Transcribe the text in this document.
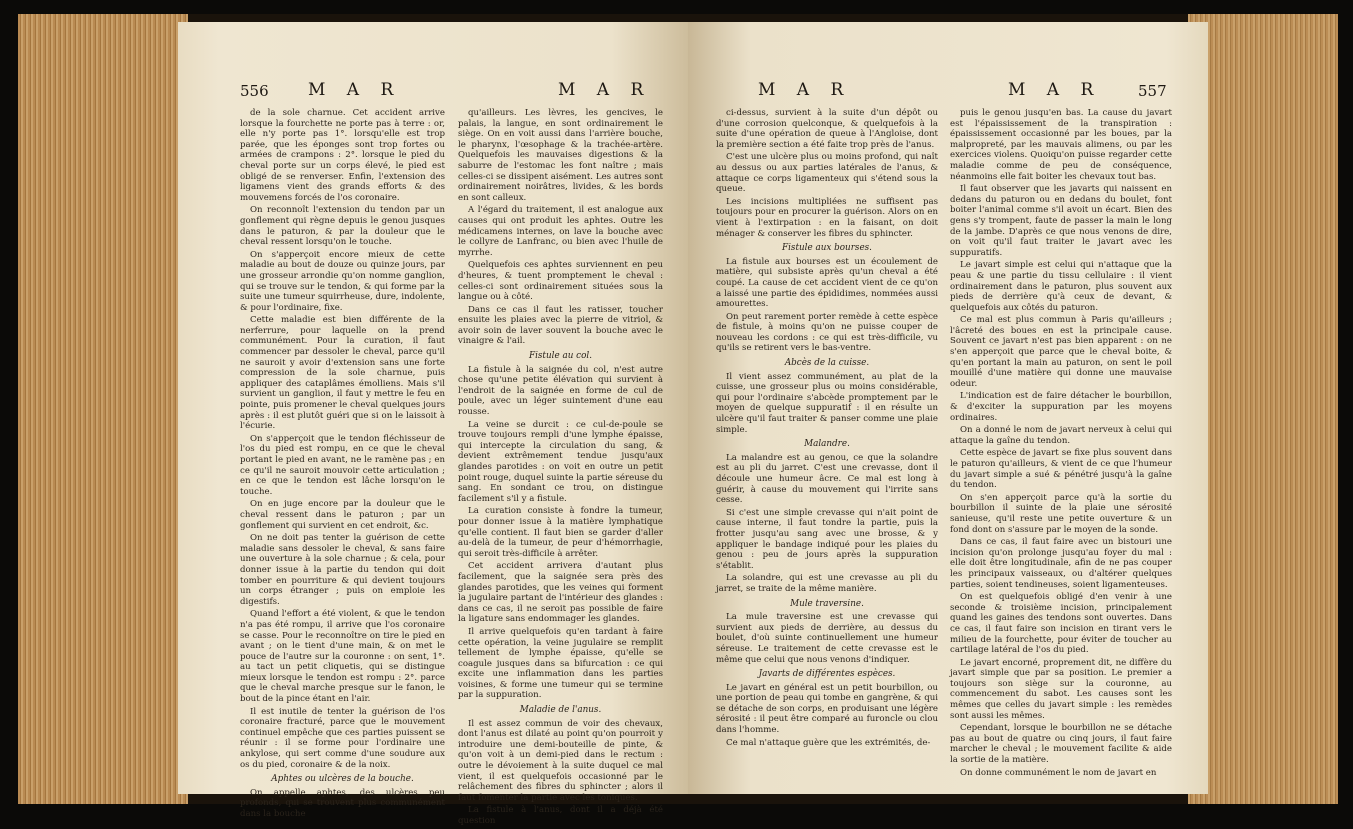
556 M A R	M A R

de la sole charnue. Cet accident arrive lorsque la fourchette ne porte pas à terre : or, elle n'y porte pas 1°. lorsqu'elle est trop parée, que les éponges sont trop fortes ou armées de crampons : 2°. lorsque le pied du cheval porte sur un corps élevé, le pied est obligé de se renverser. Enfin, l'extension des ligamens vient des grands efforts & des mouvemens forcés de l'os coronaire.

On reconnoît l'extension du tendon par un gonflement qui règne depuis le genou jusques dans le paturon, & par la douleur que le cheval ressent lorsqu'on le touche.

On s'apperçoit encore mieux de cette maladie au bout de douze ou quinze jours, par une grosseur arrondie qu'on nomme ganglion, qui se trouve sur le tendon, & qui forme par la suite une tumeur squirrheuse, dure, indolente, & pour l'ordinaire, fixe.

Cette maladie est bien différente de la nerferrure, pour laquelle on la prend communément. Pour la curation, il faut commencer par dessoler le cheval, parce qu'il ne sauroit y avoir d'extension sans une forte compression de la sole charnue, puis appliquer des cataplâmes émolliens. Mais s'il survient un ganglion, il faut y mettre le feu en pointe, puis promener le cheval quelques jours après : il est plutôt guéri que si on le laissoit à l'écurie.

On s'apperçoit que le tendon fléchisseur de l'os du pied est rompu, en ce que le cheval portant le pied en avant, ne le ramène pas ; en ce qu'il ne sauroit mouvoir cette articulation ; en ce que le tendon est lâche lorsqu'on le touche.

On en juge encore par la douleur que le cheval ressent dans le paturon ; par un gonflement qui survient en cet endroit, &c.

On ne doit pas tenter la guérison de cette maladie sans dessoler le cheval, & sans faire une ouverture à la sole charnue ; & cela, pour donner issue à la partie du tendon qui doit tomber en pourriture & qui devient toujours un corps étranger ; puis on emploie les digestifs.

Quand l'effort a été violent, & que le tendon n'a pas été rompu, il arrive que l'os coronaire se casse. Pour le reconnoître on tire le pied en avant ; on le tient d'une main, & on met le pouce de l'autre sur la couronne : on sent, 1°. au tact un petit cliquetis, qui se distingue mieux lorsque le tendon est rompu : 2°. parce que le cheval marche presque sur le fanon, le bout de la pince étant en l'air.

Il est inutile de tenter la guérison de l'os coronaire fracturé, parce que le mouvement continuel empêche que ces parties puissent se réunir : il se forme pour l'ordinaire une ankylose, qui sert comme d'une soudure aux os du pied, coronaire & de la noix.

Aphtes ou ulcères de la bouche.

On appelle aphtes, des ulcères peu profonds, qui se trouvent plus communément dans la bouche

qu'ailleurs. Les lèvres, les gencives, le palais, la langue, en sont ordinairement le siège. On en voit aussi dans l'arrière bouche, le pharynx, l'œsophage & la trachée-artère. Quelquefois les mauvaises digestions & la saburre de l'estomac les font naître ; mais celles-ci se dissipent aisément. Les autres sont ordinairement noirâtres, livides, & les bords en sont calleux.

A l'égard du traitement, il est analogue aux causes qui ont produit les aphtes. Outre les médicamens internes, on lave la bouche avec le collyre de Lanfranc, ou bien avec l'huile de myrrhe.

Quelquefois ces aphtes surviennent en peu d'heures, & tuent promptement le cheval : celles-ci sont ordinairement situées sous la langue ou à côté.

Dans ce cas il faut les ratisser, toucher ensuite les plaies avec la pierre de vitriol, & avoir soin de laver souvent la bouche avec le vinaigre & l'ail.

Fistule au col.

La fistule à la saignée du col, n'est autre chose qu'une petite élévation qui survient à l'endroit de la saignée en forme de cul de poule, avec un léger suintement d'une eau rousse.

La veine se durcit : ce cul-de-poule se trouve toujours rempli d'une lymphe épaisse, qui intercepte la circulation du sang, & devient extrêmement tendue jusqu'aux glandes parotides : on voit en outre un petit point rouge, duquel suinte la partie séreuse du sang. En sondant ce trou, on distingue facilement s'il y a fistule.

La curation consiste à fondre la tumeur, pour donner issue à la matière lymphatique qu'elle contient. Il faut bien se garder d'aller au-delà de la tumeur, de peur d'hémorrhagie, qui seroit très-difficile à arrêter.

Cet accident arrivera d'autant plus facilement, que la saignée sera près des glandes parotides, que les veines qui forment la jugulaire partant de l'intérieur des glandes : dans ce cas, il ne seroit pas possible de faire la ligature sans endommager les glandes.

Il arrive quelquefois qu'en tardant à faire cette opération, la veine jugulaire se remplit tellement de lymphe épaisse, qu'elle se coagule jusques dans sa bifurcation : ce qui excite une inflammation dans les parties voisines, & forme une tumeur qui se termine par la suppuration.

Maladie de l'anus.

Il est assez commun de voir des chevaux, dont l'anus est dilaté au point qu'on pourroit y introduire une demi-bouteille de pinte, & qu'on voit à un demi-pied dans le rectum : outre le dévoiement à la suite duquel ce mal vient, il est quelquefois occasionné par le relâchement des fibres du sphincter ; alors il faut fomenter la partie avec les toniques.

La fistule à l'anus, dont il a déjà été question

M A R	M A R 557

ci-dessus, survient à la suite d'un dépôt ou d'une corrosion quelconque, & quelquefois à la suite d'une opération de queue à l'Angloise, dont la première section a été faite trop près de l'anus.

C'est une ulcère plus ou moins profond, qui naît au dessus ou aux parties latérales de l'anus, & attaque ce corps ligamenteux qui s'étend sous la queue.

Les incisions multipliées ne suffisent pas toujours pour en procurer la guérison. Alors on en vient à l'extirpation : en la faisant, on doit ménager & conserver les fibres du sphincter.

Fistule aux bourses.

La fistule aux bourses est un écoulement de matière, qui subsiste après qu'un cheval a été coupé. La cause de cet accident vient de ce qu'on a laissé une partie des épididimes, nommées aussi amourettes.

On peut rarement porter remède à cette espèce de fistule, à moins qu'on ne puisse couper de nouveau les cordons : ce qui est très-difficile, vu qu'ils se retirent vers le bas-ventre.

Abcès de la cuisse.

Il vient assez communément, au plat de la cuisse, une grosseur plus ou moins considérable, qui pour l'ordinaire s'abcède promptement par le moyen de quelque suppuratif : il en résulte un ulcère qu'il faut traiter & panser comme une plaie simple.

Malandre.

La malandre est au genou, ce que la solandre est au pli du jarret. C'est une crevasse, dont il découle une humeur âcre. Ce mal est long à guérir, à cause du mouvement qui l'irrite sans cesse.

Si c'est une simple crevasse qui n'ait point de cause interne, il faut tondre la partie, puis la frotter jusqu'au sang avec une brosse, & y appliquer le bandage indiqué pour les plaies du genou : peu de jours après la suppuration s'établit.

La solandre, qui est une crevasse au pli du jarret, se traite de la même manière.

Mule traversine.

La mule traversine est une crevasse qui survient aux pieds de derrière, au dessus du boulet, d'où suinte continuellement une humeur séreuse. Le traitement de cette crevasse est le même que celui que nous venons d'indiquer.

Javarts de différentes espèces.

Le javart en général est un petit bourbillon, ou une portion de peau qui tombe en gangrène, & qui se détache de son corps, en produisant une légère sérosité : il peut être comparé au furoncle ou clou dans l'homme.

Ce mal n'attaque guère que les extrémités, de-

puis le genou jusqu'en bas. La cause du javart est l'épaississement de la transpiration : épaississement occasionné par les boues, par la malpropreté, par les mauvais alimens, ou par les exercices violens. Quoiqu'on puisse regarder cette maladie comme de peu de conséquence, néanmoins elle fait boiter les chevaux tout bas.

Il faut observer que les javarts qui naissent en dedans du paturon ou en dedans du boulet, font boiter l'animal comme s'il avoit un écart. Bien des gens s'y trompent, faute de passer la main le long de la jambe. D'après ce que nous venons de dire, on voit qu'il faut traiter le javart avec les suppuratifs.

Le javart simple est celui qui n'attaque que la peau & une partie du tissu cellulaire : il vient ordinairement dans le paturon, plus souvent aux pieds de derrière qu'à ceux de devant, & quelquefois aux côtés du paturon.

Ce mal est plus commun à Paris qu'ailleurs ; l'âcreté des boues en est la principale cause. Souvent ce javart n'est pas bien apparent : on ne s'en apperçoit que parce que le cheval boite, & qu'en portant la main au paturon, on sent le poil mouillé d'une matière qui donne une mauvaise odeur.

L'indication est de faire détacher le bourbillon, & d'exciter la suppuration par les moyens ordinaires.

On a donné le nom de javart nerveux à celui qui attaque la gaîne du tendon.

Cette espèce de javart se fixe plus souvent dans le paturon qu'ailleurs, & vient de ce que l'humeur du javart simple a sué & pénétré jusqu'à la gaîne du tendon.

On s'en apperçoit parce qu'à la sortie du bourbillon il suinte de la plaie une sérosité sanieuse, qu'il reste une petite ouverture & un fond dont on s'assure par le moyen de la sonde.

Dans ce cas, il faut faire avec un bistouri une incision qu'on prolonge jusqu'au foyer du mal : elle doit être longitudinale, afin de ne pas couper les principaux vaisseaux, ou d'altérer quelques parties, soient tendineuses, soient ligamenteuses.

On est quelquefois obligé d'en venir à une seconde & troisième incision, principalement quand les gaines des tendons sont ouvertes. Dans ce cas, il faut faire son incision en tirant vers le milieu de la fourchette, pour éviter de toucher au cartilage latéral de l'os du pied.

Le javart encorné, proprement dit, ne diffère du javart simple que par sa position. Le premier a toujours son siège sur la couronne, au commencement du sabot. Les causes sont les mêmes que celles du javart simple : les remèdes sont aussi les mêmes.

Cependant, lorsque le bourbillon ne se détache pas au bout de quatre ou cinq jours, il faut faire marcher le cheval ; le mouvement facilite & aide la sortie de la matière.

On donne communément le nom de javart en
